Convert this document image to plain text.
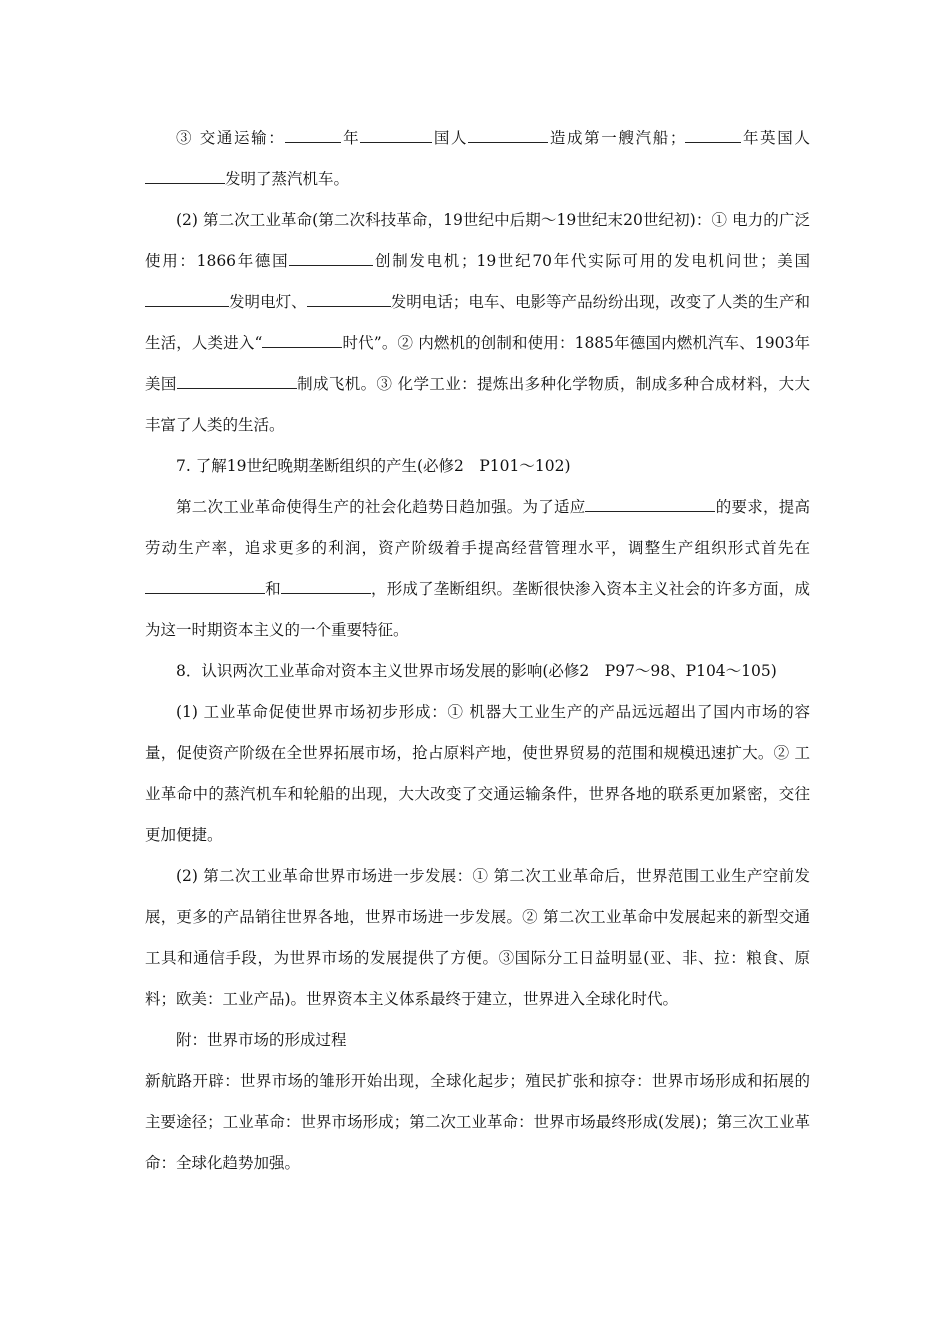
③ 交通运输：	年	国人	造成第一艘汽船；	年英国人发明了蒸汽机车。

(2) 第二次工业革命(第二次科技革命，19世纪中后期～19世纪末20世纪初)：① 电力的广泛使用：1866年德国	创制发电机；19世纪70年代实际可用的发电机问世；美国发明电灯、	发明电话；电车、电影等产品纷纷出现，改变了人类的生产和生活，人类进入“	时代”。② 内燃机的创制和使用：1885年德国内燃机汽车、1903年美国	制成飞机。③ 化学工业：提炼出多种化学物质，制成多种合成材料，大大丰富了人类的生活。

7. 了解19世纪晚期垄断组织的产生(必修2　P101～102)

第二次工业革命使得生产的社会化趋势日趋加强。为了适应	的要求，提高劳动生产率，追求更多的利润，资产阶级着手提高经营管理水平，调整生产组织形式首先在和	，形成了垄断组织。垄断很快渗入资本主义社会的许多方面，成为这一时期资本主义的一个重要特征。

8．认识两次工业革命对资本主义世界市场发展的影响(必修2　P97～98、P104～105)

(1) 工业革命促使世界市场初步形成：① 机器大工业生产的产品远远超出了国内市场的容量，促使资产阶级在全世界拓展市场，抢占原料产地，使世界贸易的范围和规模迅速扩大。② 工业革命中的蒸汽机车和轮船的出现，大大改变了交通运输条件，世界各地的联系更加紧密，交往更加便捷。

(2) 第二次工业革命世界市场进一步发展：① 第二次工业革命后，世界范围工业生产空前发展，更多的产品销往世界各地，世界市场进一步发展。② 第二次工业革命中发展起来的新型交通工具和通信手段，为世界市场的发展提供了方便。③国际分工日益明显(亚、非、拉：粮食、原料；欧美：工业产品)。世界资本主义体系最终于建立，世界进入全球化时代。

附：世界市场的形成过程

新航路开辟：世界市场的雏形开始出现，全球化起步；殖民扩张和掠夺：世界市场形成和拓展的主要途径；工业革命：世界市场形成；第二次工业革命：世界市场最终形成(发展)；第三次工业革命：全球化趋势加强。
